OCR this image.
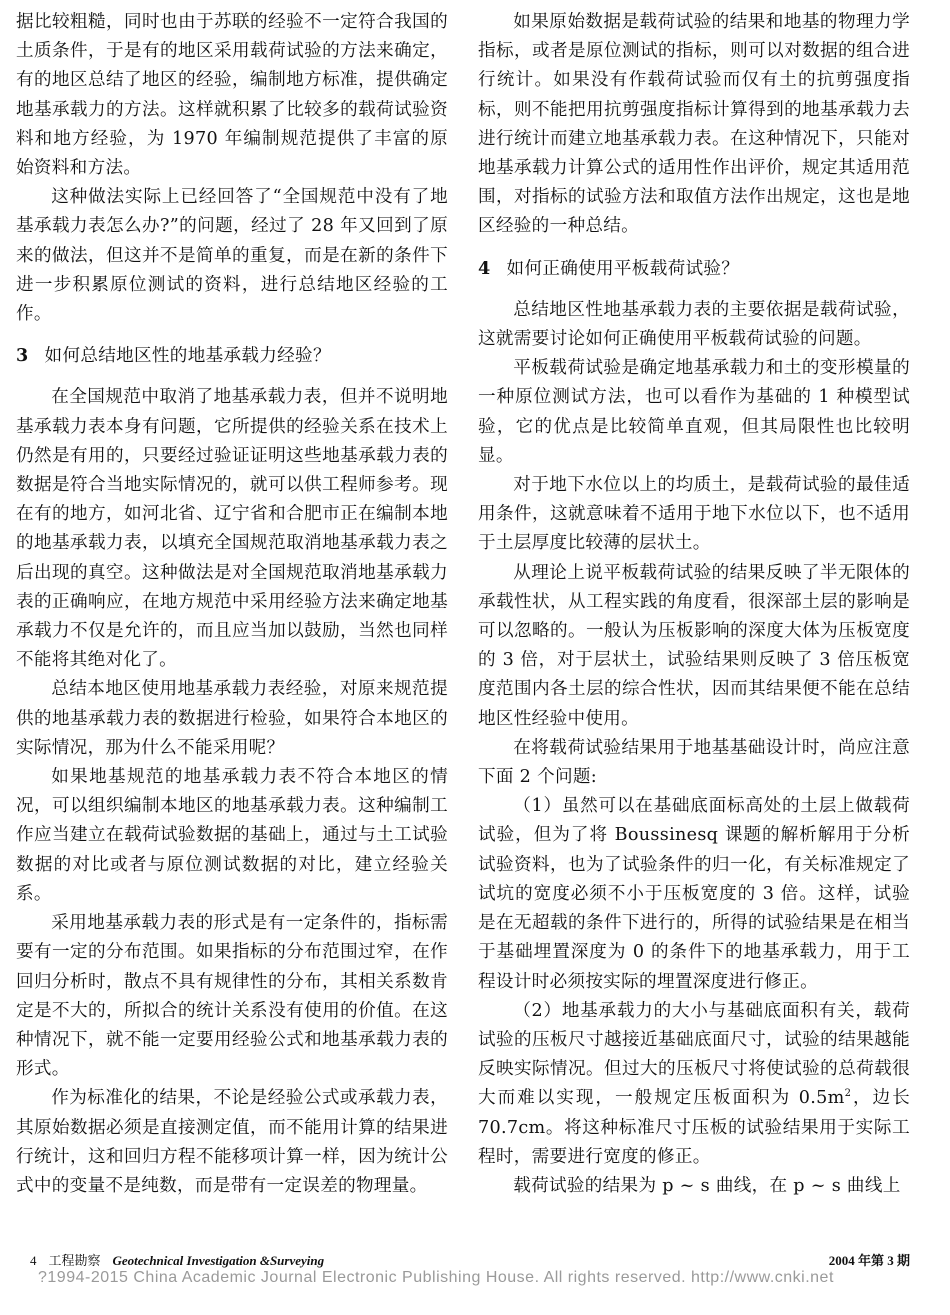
据比较粗糙，同时也由于苏联的经验不一定符合我国的土质条件，于是有的地区采用载荷试验的方法来确定，有的地区总结了地区的经验，编制地方标准，提供确定地基承载力的方法。这样就积累了比较多的载荷试验资料和地方经验，为 1970 年编制规范提供了丰富的原始资料和方法。

这种做法实际上已经回答了“全国规范中没有了地基承载力表怎么办?”的问题，经过了 28 年又回到了原来的做法，但这并不是简单的重复，而是在新的条件下进一步积累原位测试的资料，进行总结地区经验的工作。

3 如何总结地区性的地基承载力经验？

在全国规范中取消了地基承载力表，但并不说明地基承载力表本身有问题，它所提供的经验关系在技术上仍然是有用的，只要经过验证证明这些地基承载力表的数据是符合当地实际情况的，就可以供工程师参考。现在有的地方，如河北省、辽宁省和合肥市正在编制本地的地基承载力表，以填充全国规范取消地基承载力表之后出现的真空。这种做法是对全国规范取消地基承载力表的正确响应，在地方规范中采用经验方法来确定地基承载力不仅是允许的，而且应当加以鼓励，当然也同样不能将其绝对化了。

总结本地区使用地基承载力表经验，对原来规范提供的地基承载力表的数据进行检验，如果符合本地区的实际情况，那为什么不能采用呢？

如果地基规范的地基承载力表不符合本地区的情况，可以组织编制本地区的地基承载力表。这种编制工作应当建立在载荷试验数据的基础上，通过与土工试验数据的对比或者与原位测试数据的对比，建立经验关系。

采用地基承载力表的形式是有一定条件的，指标需要有一定的分布范围。如果指标的分布范围过窄，在作回归分析时，散点不具有规律性的分布，其相关系数肯定是不大的，所拟合的统计关系没有使用的价值。在这种情况下，就不能一定要用经验公式和地基承载力表的形式。

作为标准化的结果，不论是经验公式或承载力表，其原始数据必须是直接测定值，而不能用计算的结果进行统计，这和回归方程不能移项计算一样，因为统计公式中的变量不是纯数，而是带有一定误差的物理量。

如果原始数据是载荷试验的结果和地基的物理力学指标，或者是原位测试的指标，则可以对数据的组合进行统计。如果没有作载荷试验而仅有土的抗剪强度指标，则不能把用抗剪强度指标计算得到的地基承载力去进行统计而建立地基承载力表。在这种情况下，只能对地基承载力计算公式的适用性作出评价，规定其适用范围，对指标的试验方法和取值方法作出规定，这也是地区经验的一种总结。

4 如何正确使用平板载荷试验？

总结地区性地基承载力表的主要依据是载荷试验，这就需要讨论如何正确使用平板载荷试验的问题。

平板载荷试验是确定地基承载力和土的变形模量的一种原位测试方法，也可以看作为基础的 1 种模型试验，它的优点是比较简单直观，但其局限性也比较明显。

对于地下水位以上的均质土，是载荷试验的最佳适用条件，这就意味着不适用于地下水位以下，也不适用于土层厚度比较薄的层状土。

从理论上说平板载荷试验的结果反映了半无限体的承载性状，从工程实践的角度看，很深部土层的影响是可以忽略的。一般认为压板影响的深度大体为压板宽度的 3 倍，对于层状土，试验结果则反映了 3 倍压板宽度范围内各土层的综合性状，因而其结果便不能在总结地区性经验中使用。

在将载荷试验结果用于地基基础设计时，尚应注意下面 2 个问题:

（1）虽然可以在基础底面标高处的土层上做载荷试验，但为了将 Boussinesq 课题的解析解用于分析试验资料，也为了试验条件的归一化，有关标准规定了试坑的宽度必须不小于压板宽度的 3 倍。这样，试验是在无超载的条件下进行的，所得的试验结果是在相当于基础埋置深度为 0 的条件下的地基承载力，用于工程设计时必须按实际的埋置深度进行修正。

（2）地基承载力的大小与基础底面积有关，载荷试验的压板尺寸越接近基础底面尺寸，试验的结果越能反映实际情况。但过大的压板尺寸将使试验的总荷载很大而难以实现，一般规定压板面积为 $0.5m^2$，边长 70.7cm。将这种标准尺寸压板的试验结果用于实际工程时，需要进行宽度的修正。

载荷试验的结果为 p ~ s 曲线，在 p ~ s 曲线上

4 工程勘察 Geotechnical Investigation &Surveying	2004 年第 3 期
?1994-2015 China Academic Journal Electronic Publishing House. All rights reserved. http://www.cnki.net
